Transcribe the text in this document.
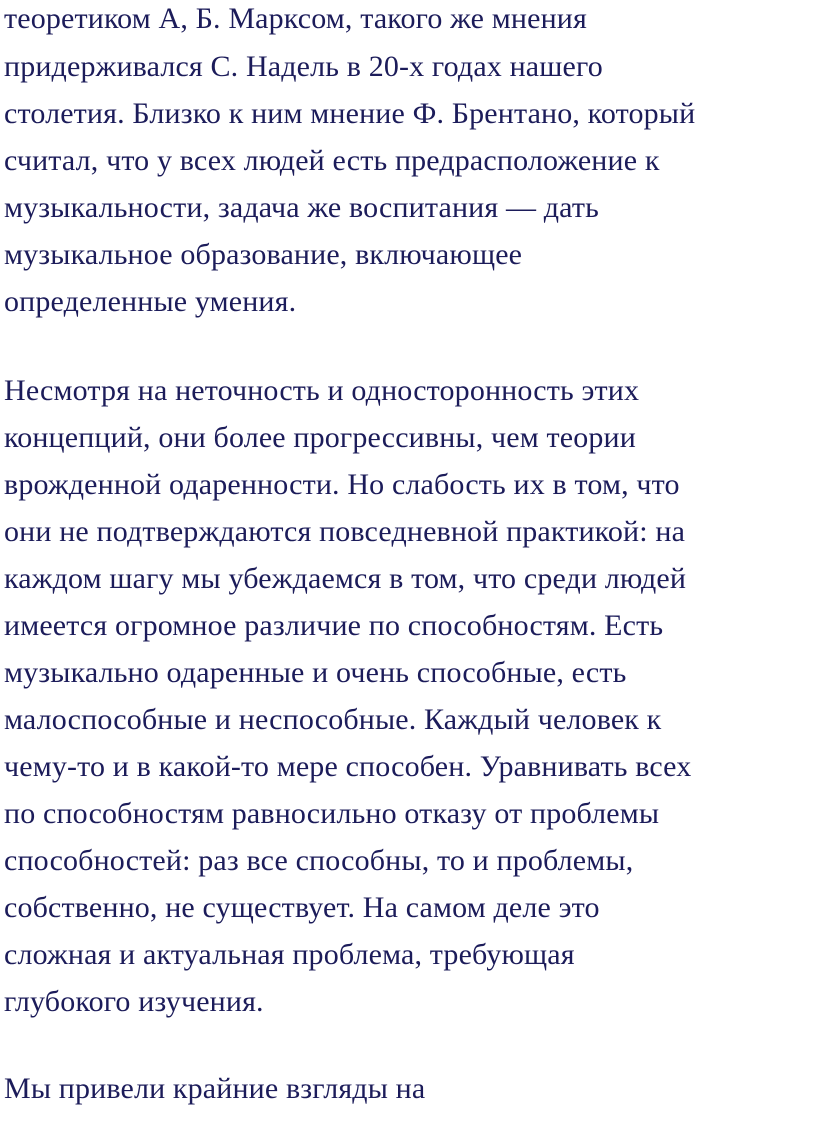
теоретиком А, Б. Марксом, такого же мнения
придерживался С. Надель в 20-х годах нашего
столетия. Близко к ним мнение Ф. Брентано, который
считал, что у всех людей есть предрасположение к
музыкальности, задача же воспитания — дать
музыкальное образование, включающее
определенные умения.
Несмотря на неточность и односторонность этих
концепций, они более прогрессивны, чем теории
врожденной одаренности. Но слабость их в том, что
они не подтверждаются повседневной практикой: на
каждом шагу мы убеждаемся в том, что среди людей
имеется огромное различие по способностям. Есть
музыкально одаренные и очень способные, есть
малоспособные и неспособные. Каждый человек к
чему-то и в какой-то мере способен. Уравнивать всех
по способностям равносильно отказу от проблемы
способностей: раз все способны, то и проблемы,
собственно, не существует. На самом деле это
сложная и актуальная проблема, требующая
глубокого изучения.
Мы привели крайние взгляды на
